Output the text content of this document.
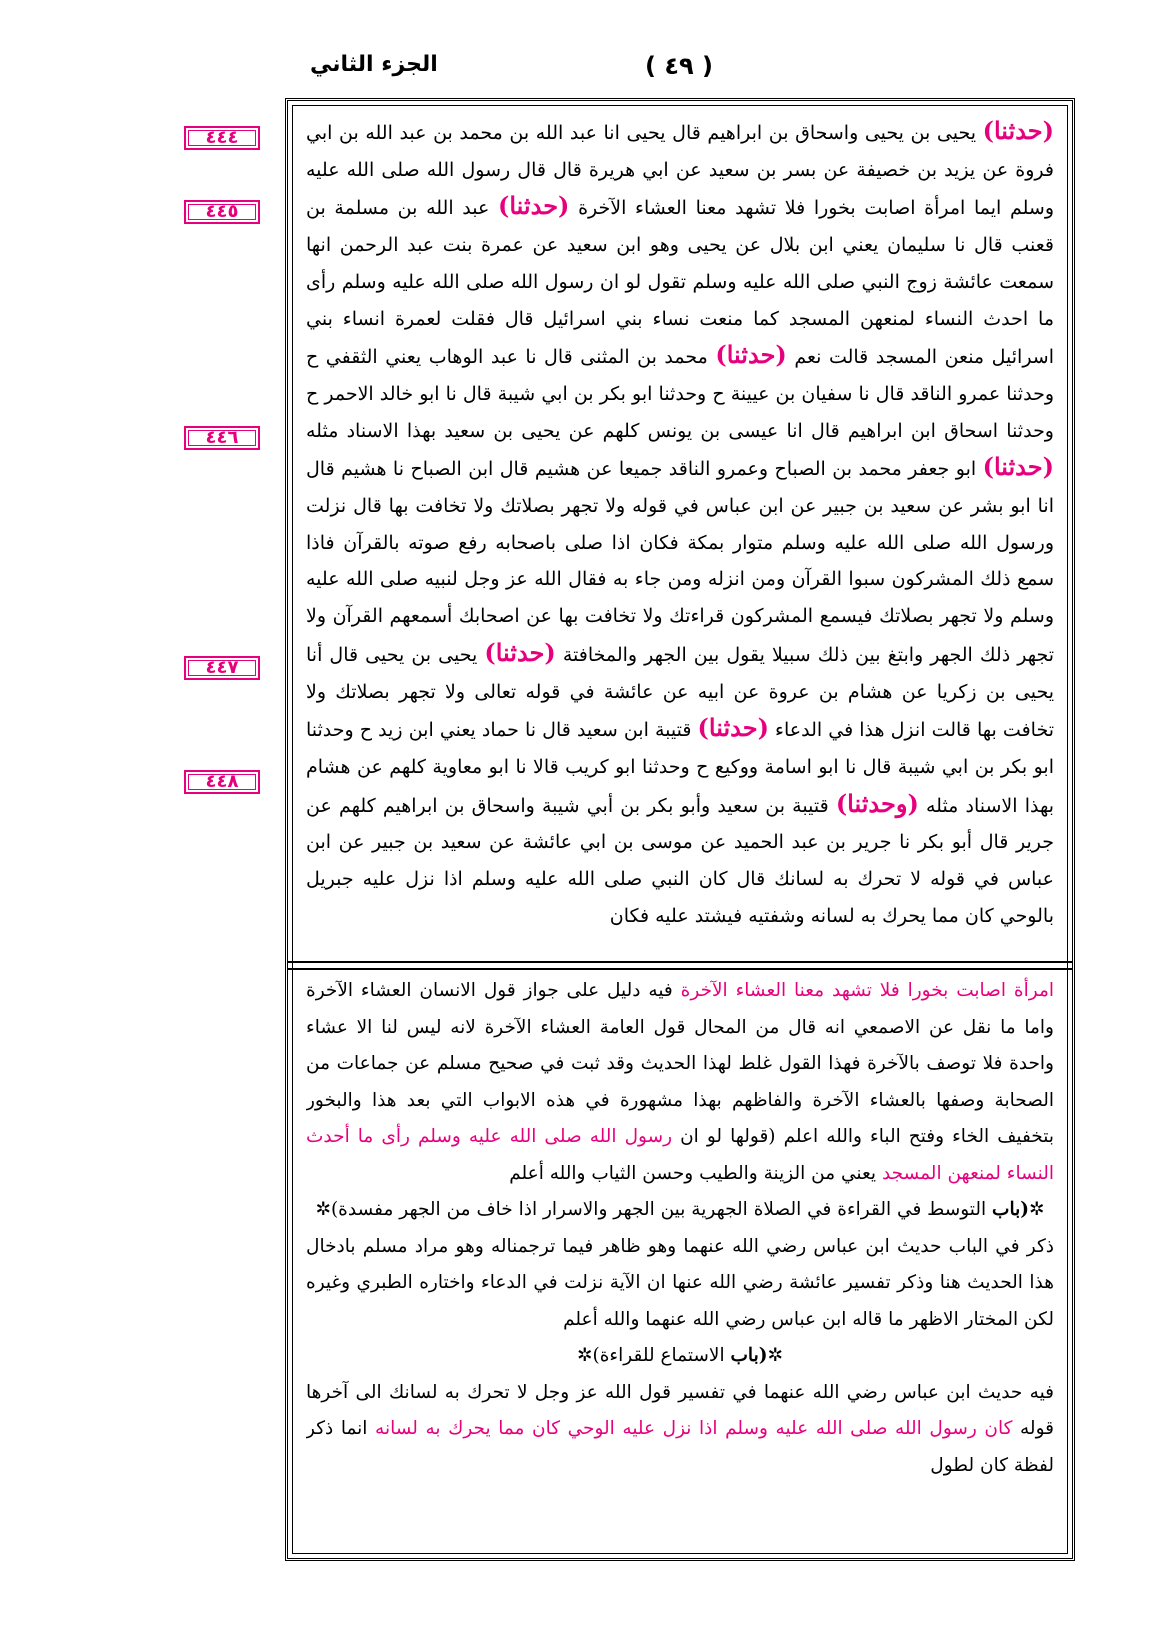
الجزء الثاني	( ٤٩ )
٤٤٤
٤٤٥
٤٤٦
٤٤٧
٤٤٨
(حدثنا) يحيى بن يحيى واسحاق بن ابراهيم قال يحيى انا عبد الله بن محمد بن عبد الله بن ابي فروة عن يزيد بن خصيفة عن بسر بن سعيد عن ابي هريرة قال قال رسول الله صلى الله عليه وسلم ايما امرأة اصابت بخورا فلا تشهد معنا العشاء الآخرة (حدثنا) عبد الله بن مسلمة بن قعنب قال نا سليمان يعني ابن بلال عن يحيى وهو ابن سعيد عن عمرة بنت عبد الرحمن انها سمعت عائشة زوج النبي صلى الله عليه وسلم تقول لو ان رسول الله صلى الله عليه وسلم رأى ما احدث النساء لمنعهن المسجد كما منعت نساء بني اسرائيل قال فقلت لعمرة انساء بني اسرائيل منعن المسجد قالت نعم (حدثنا) محمد بن المثنى قال نا عبد الوهاب يعني الثقفي ح وحدثنا عمرو الناقد قال نا سفيان بن عيينة ح وحدثنا ابو بكر بن ابي شيبة قال نا ابو خالد الاحمر ح وحدثنا اسحاق ابن ابراهيم قال انا عيسى بن يونس كلهم عن يحيى بن سعيد بهذا الاسناد مثله (حدثنا) ابو جعفر محمد بن الصباح وعمرو الناقد جميعا عن هشيم قال ابن الصباح نا هشيم قال انا ابو بشر عن سعيد بن جبير عن ابن عباس في قوله ولا تجهر بصلاتك ولا تخافت بها قال نزلت ورسول الله صلى الله عليه وسلم متوار بمكة فكان اذا صلى باصحابه رفع صوته بالقرآن فاذا سمع ذلك المشركون سبوا القرآن ومن انزله ومن جاء به فقال الله عز وجل لنبيه صلى الله عليه وسلم ولا تجهر بصلاتك فيسمع المشركون قراءتك ولا تخافت بها عن اصحابك أسمعهم القرآن ولا تجهر ذلك الجهر وابتغ بين ذلك سبيلا يقول بين الجهر والمخافتة (حدثنا) يحيى بن يحيى قال أنا يحيى بن زكريا عن هشام بن عروة عن ابيه عن عائشة في قوله تعالى ولا تجهر بصلاتك ولا تخافت بها قالت انزل هذا في الدعاء (حدثنا) قتيبة ابن سعيد قال نا حماد يعني ابن زيد ح وحدثنا ابو بكر بن ابي شيبة قال نا ابو اسامة ووكيع ح وحدثنا ابو كريب قالا نا ابو معاوية كلهم عن هشام بهذا الاسناد مثله (وحدثنا) قتيبة بن سعيد وأبو بكر بن أبي شيبة واسحاق بن ابراهيم كلهم عن جرير قال أبو بكر نا جرير بن عبد الحميد عن موسى بن ابي عائشة عن سعيد بن جبير عن ابن عباس في قوله لا تحرك به لسانك قال كان النبي صلى الله عليه وسلم اذا نزل عليه جبريل بالوحي كان مما يحرك به لسانه وشفتيه فيشتد عليه فكان
امرأة اصابت بخورا فلا تشهد معنا العشاء الآخرة فيه دليل على جواز قول الانسان العشاء الآخرة واما ما نقل عن الاصمعي انه قال من المحال قول العامة العشاء الآخرة لانه ليس لنا الا عشاء واحدة فلا توصف بالآخرة فهذا القول غلط لهذا الحديث وقد ثبت في صحيح مسلم عن جماعات من الصحابة وصفها بالعشاء الآخرة والفاظهم بهذا مشهورة في هذه الابواب التي بعد هذا والبخور بتخفيف الخاء وفتح الباء والله اعلم (قولها لو ان رسول الله صلى الله عليه وسلم رأى ما أحدث النساء لمنعهن المسجد يعني من الزينة والطيب وحسن الثياب والله أعلم
✲(باب التوسط في القراءة في الصلاة الجهرية بين الجهر والاسرار اذا خاف من الجهر مفسدة)✲
ذكر في الباب حديث ابن عباس رضي الله عنهما وهو ظاهر فيما ترجمناله وهو مراد مسلم بادخال هذا الحديث هنا وذكر تفسير عائشة رضي الله عنها ان الآية نزلت في الدعاء واختاره الطبري وغيره لكن المختار الاظهر ما قاله ابن عباس رضي الله عنهما والله أعلم
✲(باب الاستماع للقراءة)✲
فيه حديث ابن عباس رضي الله عنهما في تفسير قول الله عز وجل لا تحرك به لسانك الى آخرها قوله كان رسول الله صلى الله عليه وسلم اذا نزل عليه الوحي كان مما يحرك به لسانه انما ذكر لفظة كان لطول
